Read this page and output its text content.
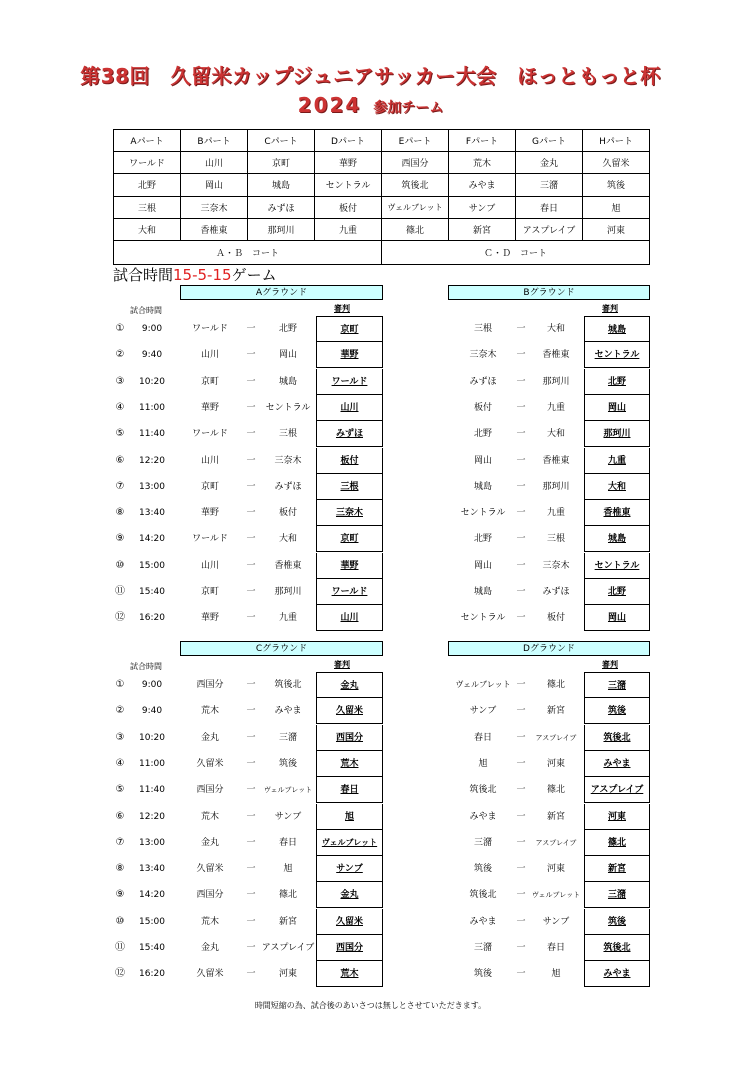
第38回　久留米カップジュニアサッカー大会　ほっともっと杯
2024 参加チーム
Aパート	Bパート	Cパート	Dパート	Eパート	Fパート	Gパート	Hパート
ワールド	山川	京町	華野	西国分	荒木	金丸	久留米
北野	岡山	城島	セントラル	筑後北	みやま	三潴	筑後
三根	三奈木	みずほ	板付	ヴェルブレット	サンブ	春日	旭
大和	香椎東	那珂川	九重	篠北	新宮	アスプレイブ	河東
Ａ・Ｂ　コート				Ｃ・Ｄ　コート			
試合時間15-5-15ゲーム
Aグラウンド
審判
試合時間
①	9:00	ワールド	一	北野	京町
②	9:40	山川	一	岡山	華野
③	10:20	京町	一	城島	ワールド
④	11:00	華野	一	セントラル	山川
⑤	11:40	ワールド	一	三根	みずほ
⑥	12:20	山川	一	三奈木	板付
⑦	13:00	京町	一	みずほ	三根
⑧	13:40	華野	一	板付	三奈木
⑨	14:20	ワールド	一	大和	京町
⑩	15:00	山川	一	香椎東	華野
⑪	15:40	京町	一	那珂川	ワールド
⑫	16:20	華野	一	九重	山川
Bグラウンド
審判
三根	一	大和	城島
三奈木	一	香椎東	セントラル
みずほ	一	那珂川	北野
板付	一	九重	岡山
北野	一	大和	那珂川
岡山	一	香椎東	九重
城島	一	那珂川	大和
セントラル	一	九重	香椎東
北野	一	三根	城島
岡山	一	三奈木	セントラル
城島	一	みずほ	北野
セントラル	一	板付	岡山
Cグラウンド
審判
試合時間
①	9:00	西国分	一	筑後北	金丸
②	9:40	荒木	一	みやま	久留米
③	10:20	金丸	一	三潴	西国分
④	11:00	久留米	一	筑後	荒木
⑤	11:40	西国分	一	ヴェルブレット	春日
⑥	12:20	荒木	一	サンブ	旭
⑦	13:00	金丸	一	春日	ヴェルブレット
⑧	13:40	久留米	一	旭	サンブ
⑨	14:20	西国分	一	篠北	金丸
⑩	15:00	荒木	一	新宮	久留米
⑪	15:40	金丸	一 アスプレイブ	西国分
⑫	16:20	久留米	一	河東	荒木
Dグラウンド
審判
ヴェルブレット 一	篠北	三潴
サンブ	一	新宮	筑後
春日	一	アスプレイブ	筑後北
旭	一	河東	みやま
筑後北	一	篠北	アスプレイブ
みやま	一	新宮	河東
三潴	一	アスプレイブ	篠北
筑後	一	河東	新宮
筑後北	一 ヴェルブレット	三潴
みやま	一	サンブ	筑後
三潴	一	春日	筑後北
筑後	一	旭	みやま
時間短縮の為、試合後のあいさつは無しとさせていただきます。
